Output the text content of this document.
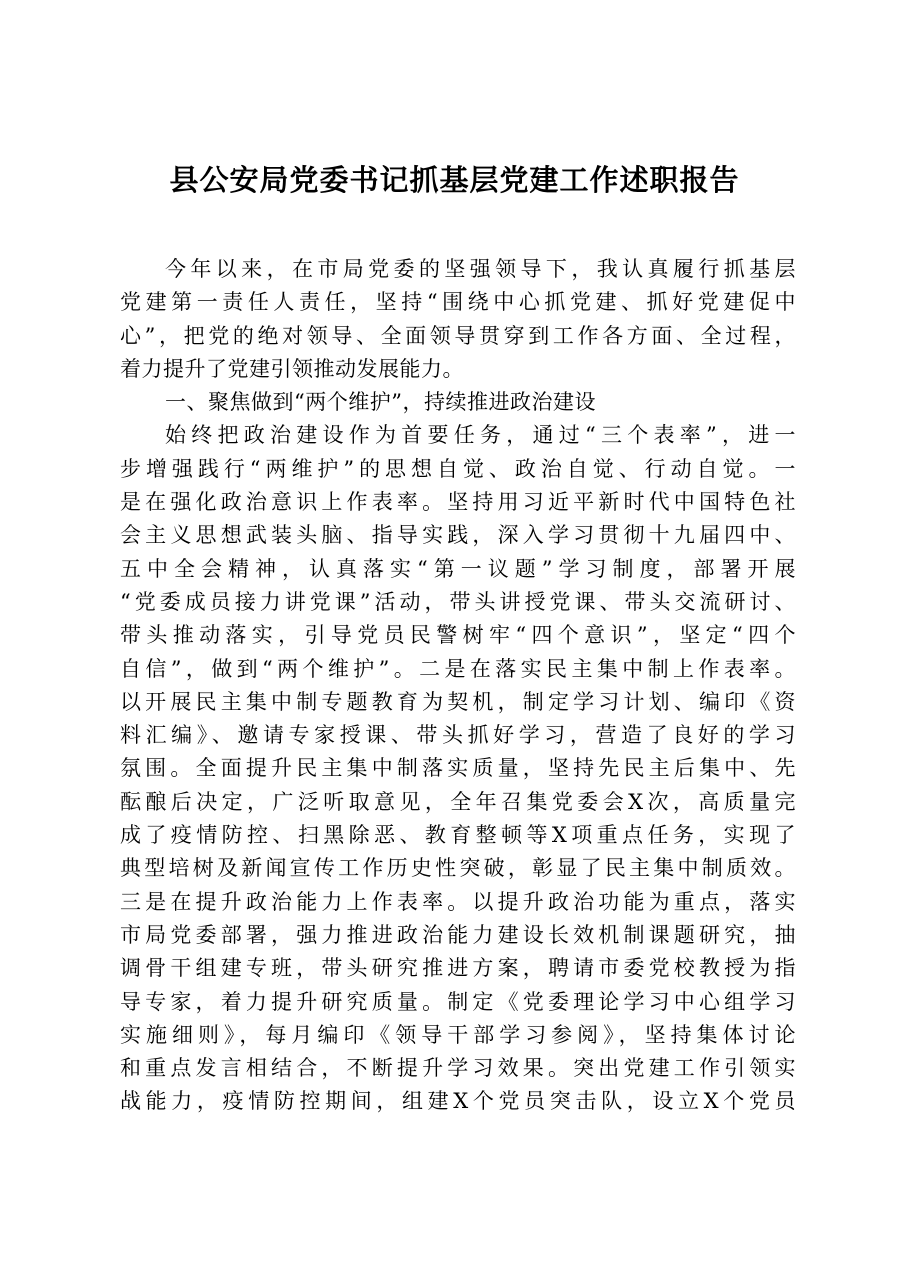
县公安局党委书记抓基层党建工作述职报告
今年以来，在市局党委的坚强领导下，我认真履行抓基层
党建第一责任人责任，坚持“围绕中心抓党建、抓好党建促中
心”，把党的绝对领导、全面领导贯穿到工作各方面、全过程，
着力提升了党建引领推动发展能力。
一、聚焦做到“两个维护”，持续推进政治建设
始终把政治建设作为首要任务，通过“三个表率”，进一
步增强践行“两维护”的思想自觉、政治自觉、行动自觉。一
是在强化政治意识上作表率。坚持用习近平新时代中国特色社
会主义思想武装头脑、指导实践，深入学习贯彻十九届四中、
五中全会精神，认真落实“第一议题”学习制度，部署开展
“党委成员接力讲党课”活动，带头讲授党课、带头交流研讨、
带头推动落实，引导党员民警树牢“四个意识”，坚定“四个
自信”，做到“两个维护”。二是在落实民主集中制上作表率。
以开展民主集中制专题教育为契机，制定学习计划、编印《资
料汇编》、邀请专家授课、带头抓好学习，营造了良好的学习
氛围。全面提升民主集中制落实质量，坚持先民主后集中、先
酝酿后决定，广泛听取意见，全年召集党委会X次，高质量完
成了疫情防控、扫黑除恶、教育整顿等X项重点任务，实现了
典型培树及新闻宣传工作历史性突破，彰显了民主集中制质效。
三是在提升政治能力上作表率。以提升政治功能为重点，落实
市局党委部署，强力推进政治能力建设长效机制课题研究，抽
调骨干组建专班，带头研究推进方案，聘请市委党校教授为指
导专家，着力提升研究质量。制定《党委理论学习中心组学习
实施细则》，每月编印《领导干部学习参阅》，坚持集体讨论
和重点发言相结合，不断提升学习效果。突出党建工作引领实
战能力，疫情防控期间，组建X个党员突击队，设立X个党员
